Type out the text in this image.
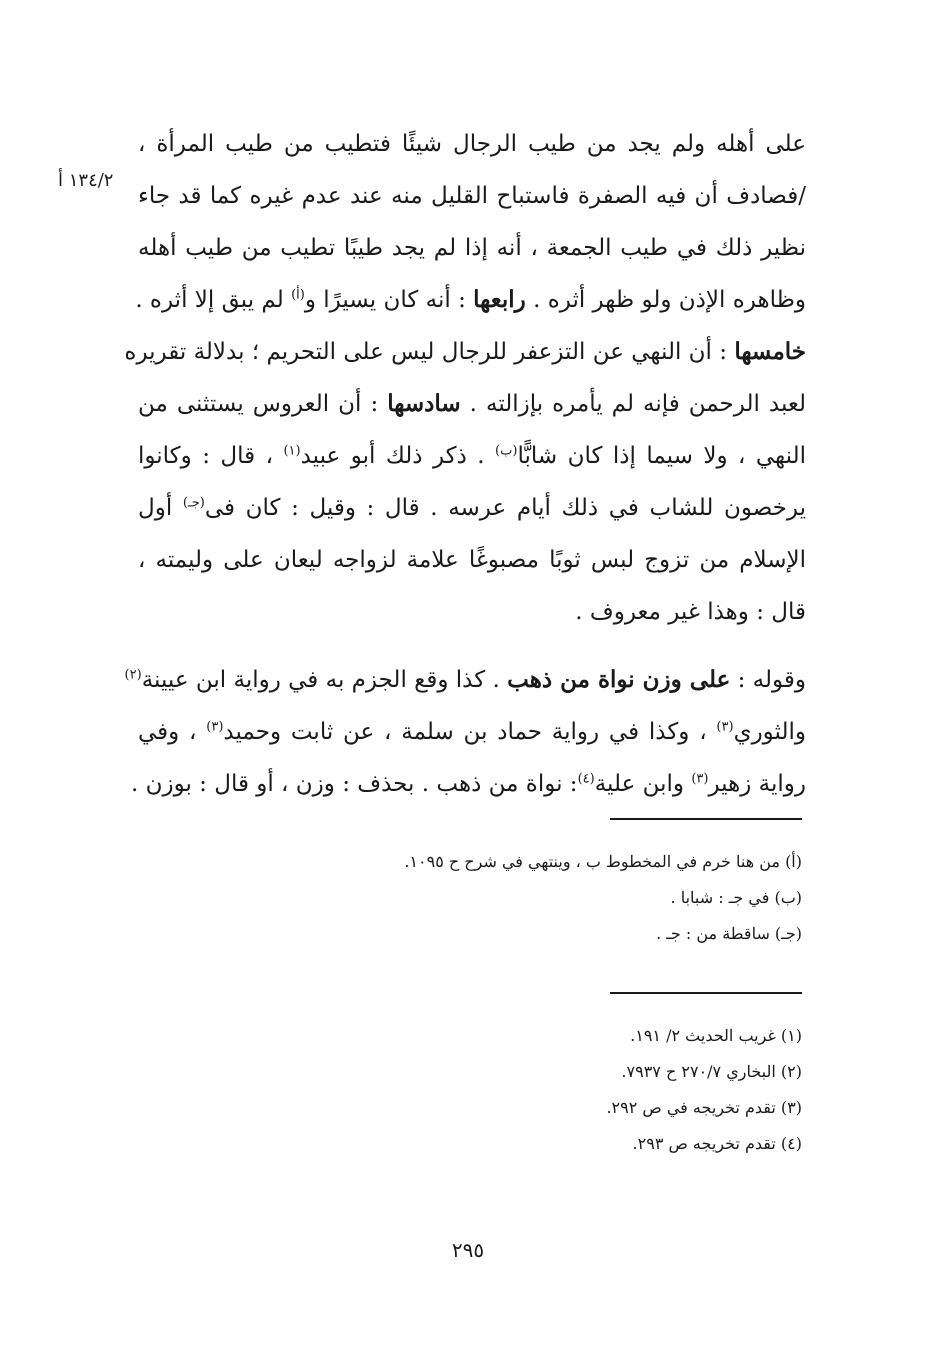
١٣٤/٢ أ
على أهله ولم يجد من طيب الرجال شيئًا فتطيب من طيب المرأة ،
/فصادف أن فيه الصفرة فاستباح القليل منه عند عدم غيره كما قد جاء
نظير ذلك في طيب الجمعة ، أنه إذا لم يجد طيبًا تطيب من طيب أهله
وظاهره الإذن ولو ظهر أثره . رابعها : أنه كان يسيرًا و$^{(أ)}$ لم يبق إلا أثره .
خامسها : أن النهي عن التزعفر للرجال ليس على التحريم ؛ بدلالة تقريره
لعبد الرحمن فإنه لم يأمره بإزالته . سادسها : أن العروس يستثنى من
النهي ، ولا سيما إذا كان شابًّا$^{(ب)}$ . ذكر ذلك أبو عبيد$^{(١)}$ ، قال : وكانوا
يرخصون للشاب في ذلك أيام عرسه . قال : وقيل : كان فى$^{(جـ)}$ أول
الإسلام من تزوج لبس ثوبًا مصبوغًا علامة لزواجه ليعان على وليمته ،
قال : وهذا غير معروف .
وقوله : على وزن نواة من ذهب . كذا وقع الجزم به في رواية ابن عيينة$^{(٢)}$
والثوري$^{(٣)}$ ، وكذا في رواية حماد بن سلمة ، عن ثابت وحميد$^{(٣)}$ ، وفي
رواية زهير$^{(٣)}$ وابن علية$^{(٤)}$: نواة من ذهب . بحذف : وزن ، أو قال : بوزن .
(أ) من هنا خرم في المخطوط ب ، وينتهي في شرح ح ١٠٩٥.
(ب) في جـ : شبابا .
(جـ) ساقطة من : جـ .
(١) غريب الحديث ٢/ ١٩١.
(٢) البخاري ٢٧٠/٧ ح ٧٩٣٧.
(٣) تقدم تخريجه في ص ٢٩٢.
(٤) تقدم تخريجه ص ٢٩٣.
٢٩٥
